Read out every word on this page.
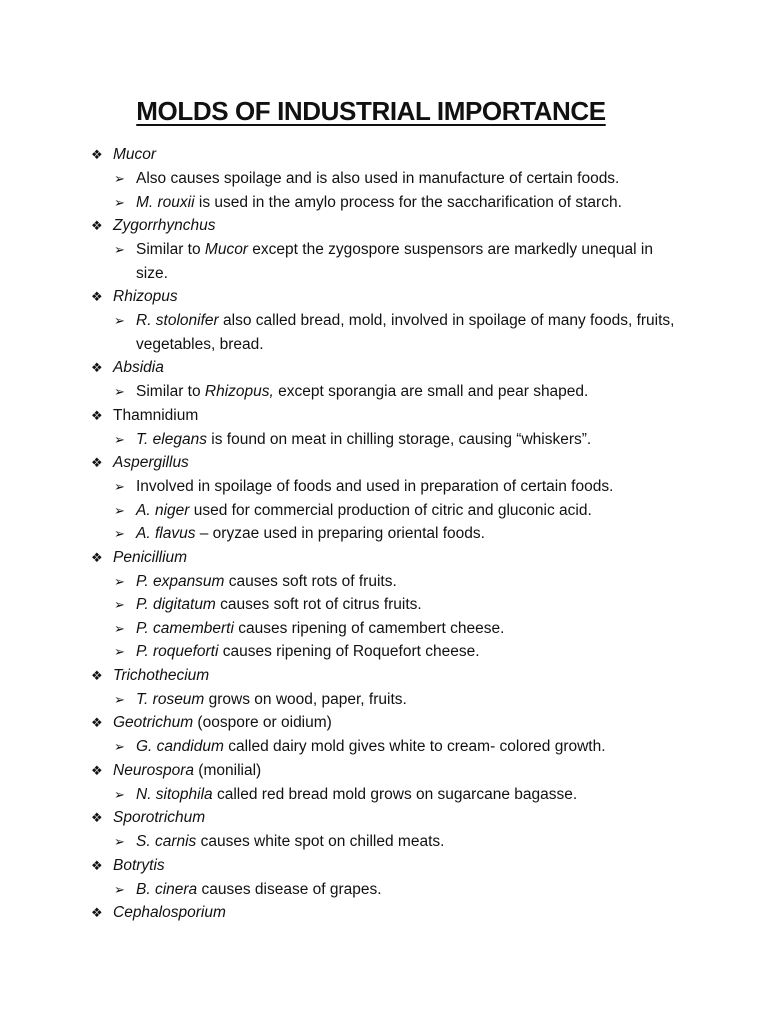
MOLDS OF INDUSTRIAL IMPORTANCE
❖ Mucor
➢ Also causes spoilage and is also used in manufacture of certain foods.
➢ M. rouxii is used in the amylo process for the saccharification of starch.
❖ Zygorrhynchus
➢ Similar to Mucor except the zygospore suspensors are markedly unequal in size.
❖ Rhizopus
➢ R. stolonifer also called bread, mold, involved in spoilage of many foods, fruits, vegetables, bread.
❖ Absidia
➢ Similar to Rhizopus, except sporangia are small and pear shaped.
❖ Thamnidium
➢ T. elegans is found on meat in chilling storage, causing “whiskers”.
❖ Aspergillus
➢ Involved in spoilage of foods and used in preparation of certain foods.
➢ A. niger used for commercial production of citric and gluconic acid.
➢ A. flavus – oryzae used in preparing oriental foods.
❖ Penicillium
➢ P. expansum causes soft rots of fruits.
➢ P. digitatum causes soft rot of citrus fruits.
➢ P. camemberti causes ripening of camembert cheese.
➢ P. roqueforti causes ripening of Roquefort cheese.
❖ Trichothecium
➢ T. roseum grows on wood, paper, fruits.
❖ Geotrichum (oospore or oidium)
➢ G. candidum called dairy mold gives white to cream- colored growth.
❖ Neurospora (monilial)
➢ N. sitophila called red bread mold grows on sugarcane bagasse.
❖ Sporotrichum
➢ S. carnis causes white spot on chilled meats.
❖ Botrytis
➢ B. cinera causes disease of grapes.
❖ Cephalosporium
